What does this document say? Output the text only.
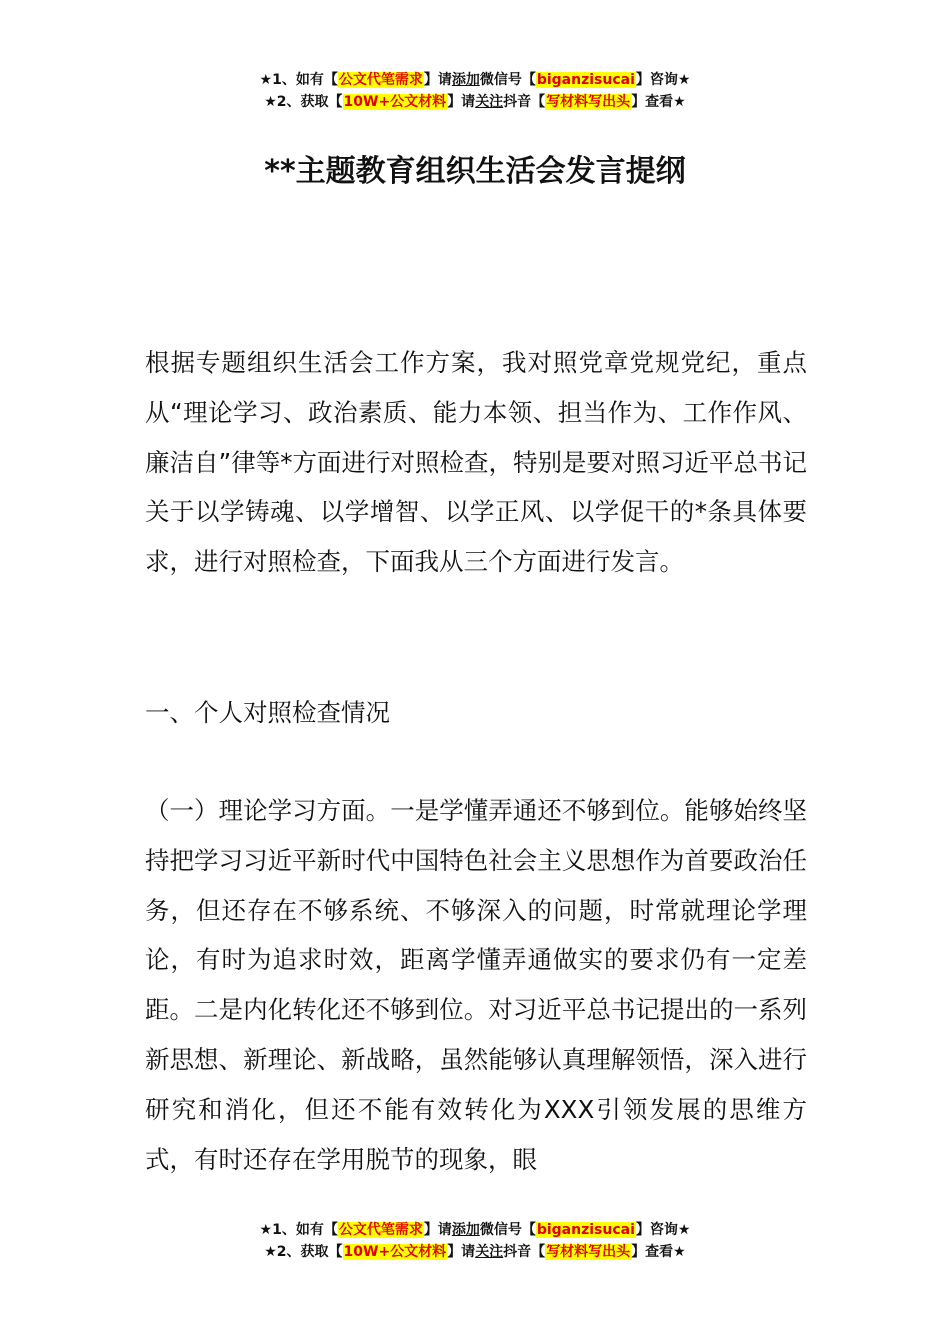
★1、如有【公文代笔需求】请添加微信号【biganzisucai】咨询★
★2、获取【10W+公文材料】请关注抖音【写材料写出头】查看★
**主题教育组织生活会发言提纲

根据专题组织生活会工作方案，我对照党章党规党纪，重点从“理论学习、政治素质、能力本领、担当作为、工作作风、廉洁自”律等*方面进行对照检查，特别是要对照习近平总书记关于以学铸魂、以学增智、以学正风、以学促干的*条具体要求，进行对照检查，下面我从三个方面进行发言。

一、个人对照检查情况

（一）理论学习方面。一是学懂弄通还不够到位。能够始终坚持把学习习近平新时代中国特色社会主义思想作为首要政治任务，但还存在不够系统、不够深入的问题，时常就理论学理论，有时为追求时效，距离学懂弄通做实的要求仍有一定差距。二是内化转化还不够到位。对习近平总书记提出的一系列新思想、新理论、新战略，虽然能够认真理解领悟，深入进行研究和消化，但还不能有效转化为XXX引领发展的思维方式，有时还存在学用脱节的现象，眼

★1、如有【公文代笔需求】请添加微信号【biganzisucai】咨询★
★2、获取【10W+公文材料】请关注抖音【写材料写出头】查看★
